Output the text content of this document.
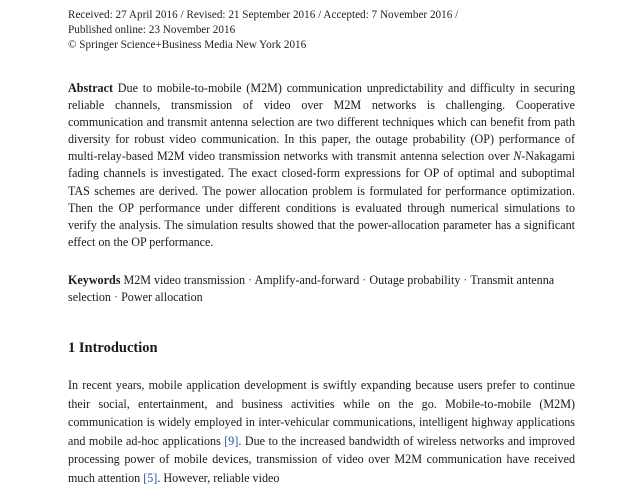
Received: 27 April 2016 / Revised: 21 September 2016 / Accepted: 7 November 2016 /
Published online: 23 November 2016
© Springer Science+Business Media New York 2016

Abstract Due to mobile-to-mobile (M2M) communication unpredictability and difficulty in securing reliable channels, transmission of video over M2M networks is challenging. Cooperative communication and transmit antenna selection are two different techniques which can benefit from path diversity for robust video communication. In this paper, the outage probability (OP) performance of multi-relay-based M2M video transmission networks with transmit antenna selection over N-Nakagami fading channels is investigated. The exact closed-form expressions for OP of optimal and suboptimal TAS schemes are derived. The power allocation problem is formulated for performance optimization. Then the OP performance under different conditions is evaluated through numerical simulations to verify the analysis. The simulation results showed that the power-allocation parameter has a significant effect on the OP performance.

Keywords M2M video transmission · Amplify-and-forward · Outage probability · Transmit antenna selection · Power allocation

1 Introduction

In recent years, mobile application development is swiftly expanding because users prefer to continue their social, entertainment, and business activities while on the go. Mobile-to-mobile (M2M) communication is widely employed in inter-vehicular communications, intelligent highway applications and mobile ad-hoc applications [9]. Due to the increased bandwidth of wireless networks and improved processing power of mobile devices, transmission of video over M2M communication have received much attention [5]. However, reliable video
